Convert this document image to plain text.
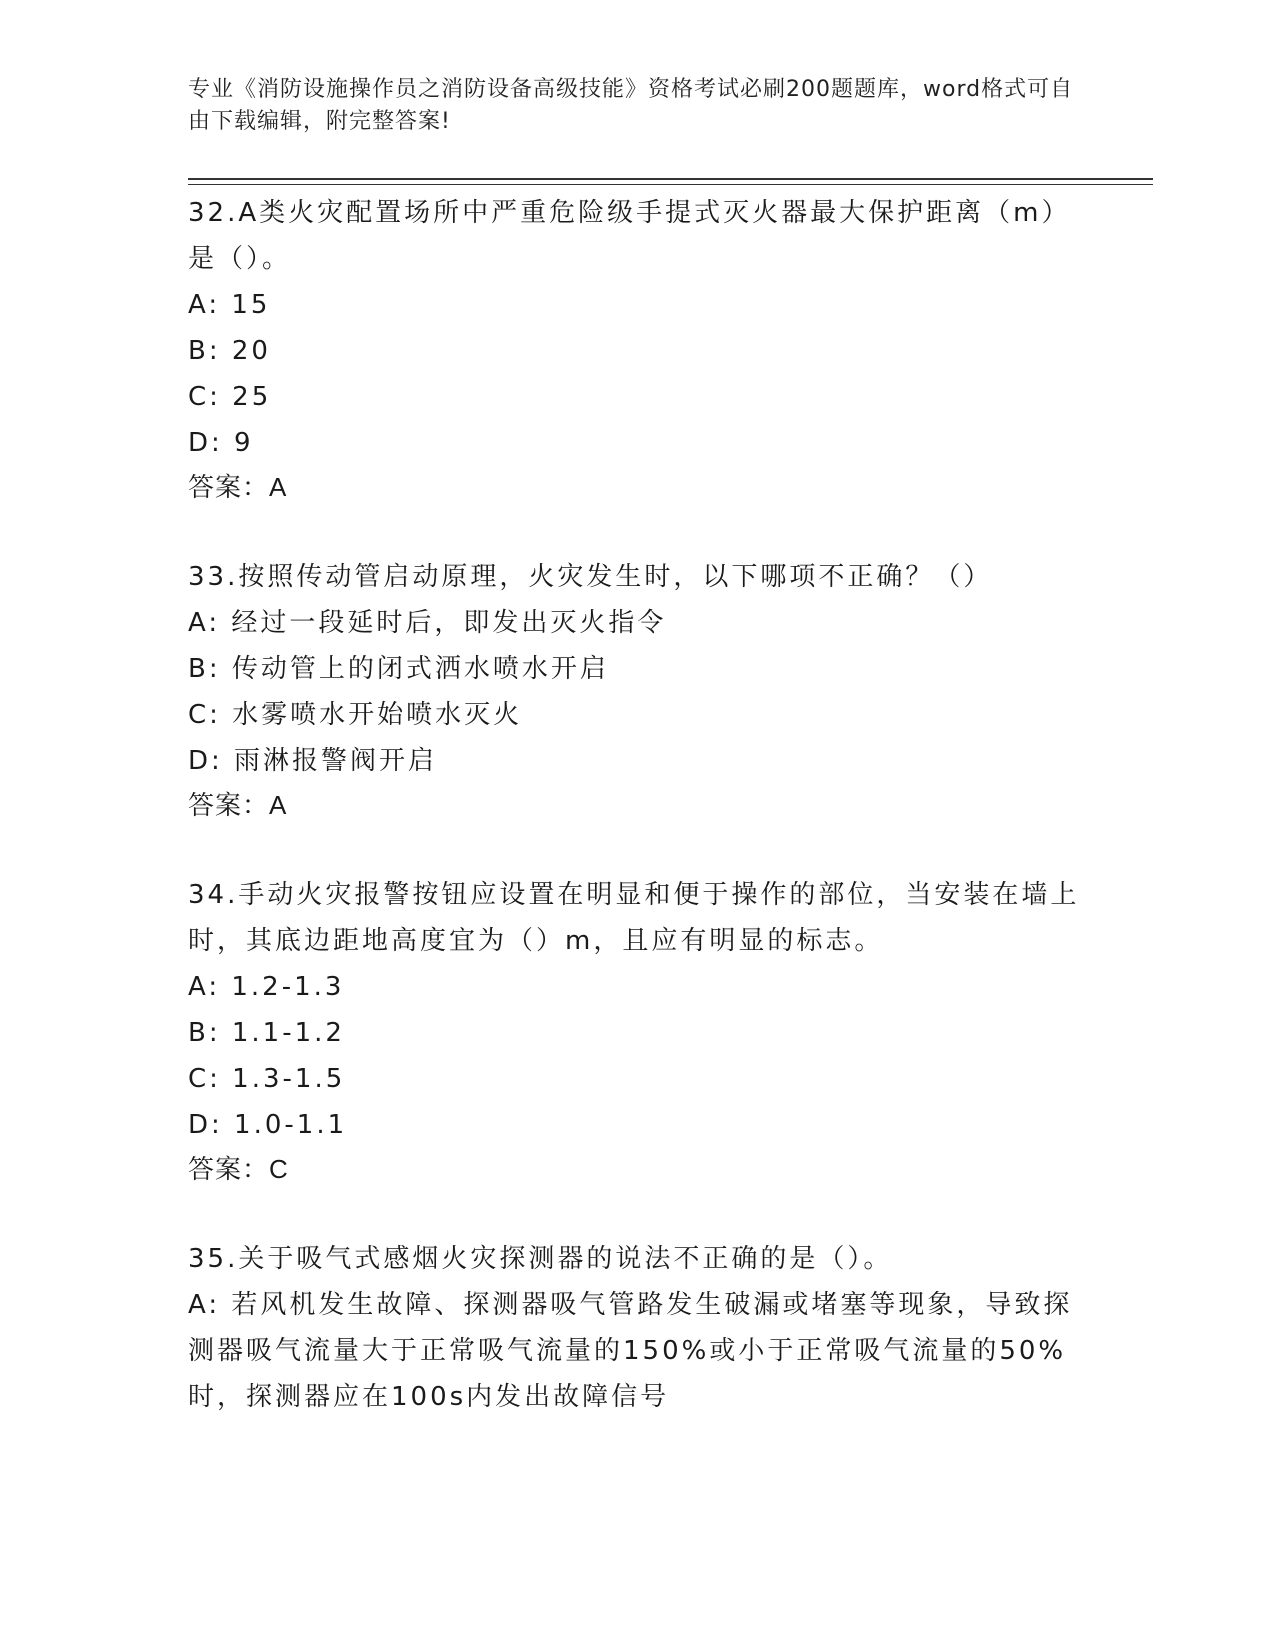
专业《消防设施操作员之消防设备高级技能》资格考试必刷200题题库，word格式可自由下载编辑，附完整答案!

32.A类火灾配置场所中严重危险级手提式灭火器最大保护距离（m）是（）。

A: 15

B: 20

C: 25

D: 9

答案：A

33.按照传动管启动原理，火灾发生时，以下哪项不正确？（）

A: 经过一段延时后，即发出灭火指令

B: 传动管上的闭式洒水喷水开启

C: 水雾喷水开始喷水灭火

D: 雨淋报警阀开启

答案：A

34.手动火灾报警按钮应设置在明显和便于操作的部位，当安装在墙上时，其底边距地高度宜为（）m，且应有明显的标志。

A: 1.2-1.3

B: 1.1-1.2

C: 1.3-1.5

D: 1.0-1.1

答案：C

35.关于吸气式感烟火灾探测器的说法不正确的是（）。

A: 若风机发生故障、探测器吸气管路发生破漏或堵塞等现象，导致探测器吸气流量大于正常吸气流量的150%或小于正常吸气流量的50%时，探测器应在100s内发出故障信号
